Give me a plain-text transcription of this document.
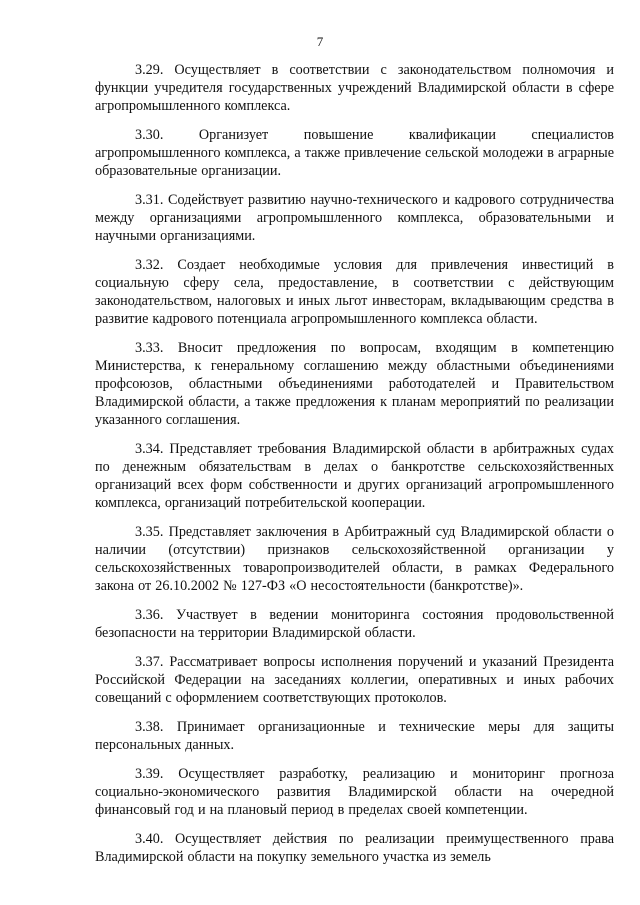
7

3.29. Осуществляет в соответствии с законодательством полномочия и функции учредителя государственных учреждений Владимирской области в сфере агропромышленного комплекса.

3.30.	Организует повышение квалификации специалистов агропромышленного комплекса, а также привлечение сельской молодежи в аграрные образовательные организации.

3.31. Содействует развитию научно-технического и кадрового сотрудничества между организациями агропромышленного комплекса, образовательными и научными организациями.

3.32. Создает необходимые условия для привлечения инвестиций в социальную сферу села, предоставление, в соответствии с действующим законодательством, налоговых и иных льгот инвесторам, вкладывающим средства в развитие кадрового потенциала агропромышленного комплекса области.

3.33. Вносит предложения по вопросам, входящим в компетенцию Министерства, к генеральному соглашению между областными объединениями профсоюзов, областными объединениями работодателей и Правительством Владимирской области, а также предложения к планам мероприятий по реализации указанного соглашения.

3.34. Представляет требования Владимирской области в арбитражных судах по денежным обязательствам в делах о банкротстве сельскохозяйственных организаций всех форм собственности и других организаций агропромышленного комплекса, организаций потребительской кооперации.

3.35. Представляет заключения в Арбитражный суд Владимирской области о наличии (отсутствии) признаков сельскохозяйственной организации у сельскохозяйственных товаропроизводителей области, в рамках Федерального закона от 26.10.2002 № 127-ФЗ «О несостоятельности (банкротстве)».

3.36. Участвует в ведении мониторинга состояния продовольственной безопасности на территории Владимирской области.

3.37. Рассматривает вопросы исполнения поручений и указаний Президента Российской Федерации на заседаниях коллегии, оперативных и иных рабочих совещаний с оформлением соответствующих протоколов.

3.38. Принимает организационные и технические меры для защиты персональных данных.

3.39. Осуществляет разработку, реализацию и мониторинг прогноза социально-экономического развития Владимирской области на очередной финансовый год и на плановый период в пределах своей компетенции.

3.40. Осуществляет действия по реализации преимущественного права Владимирской области на покупку земельного участка из земель
